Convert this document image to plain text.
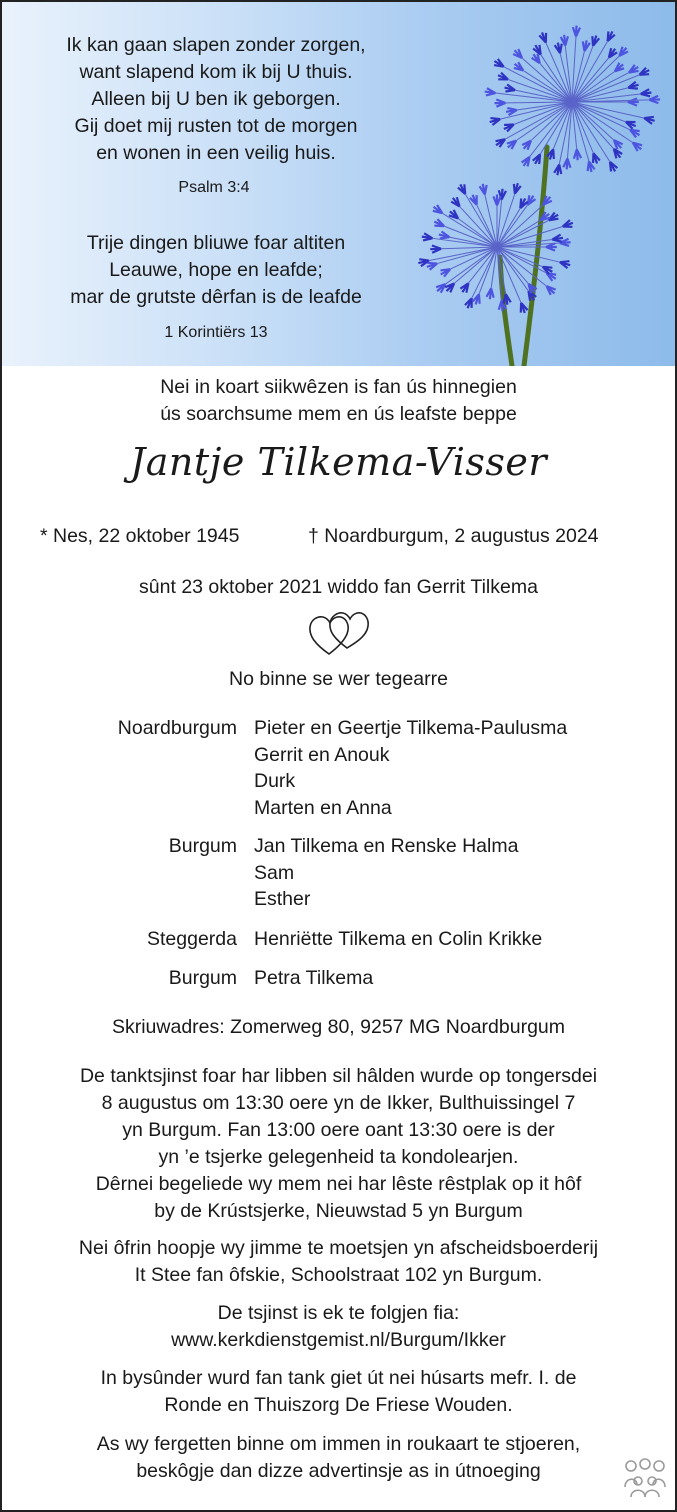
Ik kan gaan slapen zonder zorgen,
want slapend kom ik bij U thuis.
Alleen bij U ben ik geborgen.
Gij doet mij rusten tot de morgen
en wonen in een veilig huis.
Psalm 3:4
Trije dingen bliuwe foar altiten
Leauwe, hope en leafde;
mar de grutste dêrfan is de leafde
1 Korintiërs 13
Nei in koart siikwêzen is fan ús hinnegien
ús soarchsume mem en ús leafste beppe
Jantje Tilkema-Visser
* Nes, 22 oktober 1945	† Noardburgum, 2 augustus 2024
sûnt 23 oktober 2021 widdo fan Gerrit Tilkema
No binne se wer tegearre
Noardburgum Pieter en Geertje Tilkema-Paulusma
Gerrit en Anouk
Durk
Marten en Anna
Burgum Jan Tilkema en Renske Halma
Sam
Esther
Steggerda Henriëtte Tilkema en Colin Krikke
Burgum Petra Tilkema
Skriuwadres: Zomerweg 80, 9257 MG Noardburgum
De tanktsjinst foar har libben sil hâlden wurde op tongersdei
8 augustus om 13:30 oere yn de Ikker, Bulthuissingel 7
yn Burgum. Fan 13:00 oere oant 13:30 oere is der
yn ’e tsjerke gelegenheid ta kondolearjen.
Dêrnei begeliede wy mem nei har lêste rêstplak op it hôf
by de Krústsjerke, Nieuwstad 5 yn Burgum
Nei ôfrin hoopje wy jimme te moetsjen yn afscheidsboerderij
It Stee fan ôfskie, Schoolstraat 102 yn Burgum.
De tsjinst is ek te folgjen fia:
www.kerkdienstgemist.nl/Burgum/Ikker
In bysûnder wurd fan tank giet út nei húsarts mefr. I. de
Ronde en Thuiszorg De Friese Wouden.
As wy fergetten binne om immen in roukaart te stjoeren,
beskôgje dan dizze advertinsje as in útnoeging
